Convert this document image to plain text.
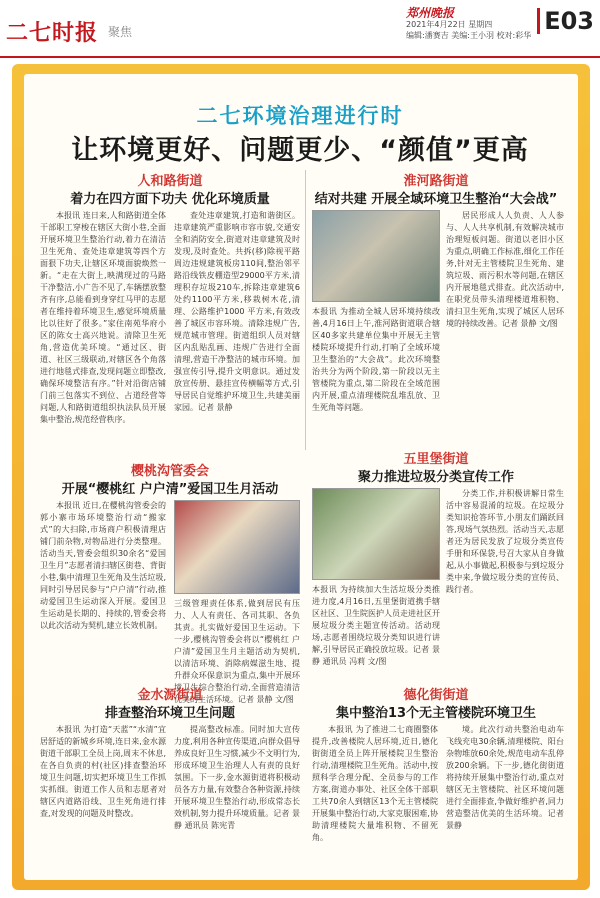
二七时报 聚焦
郑州晚报
2021年4月22日 星期四
编辑:潘赛吉 美编:王小羽 校对:彩华
E03
二七环境治理进行时
让环境更好、问题更少、“颜值”更高
人和路街道
着力在四方面下功夫 优化环境质量

本报讯 连日来,人和路街道全体干部职工穿梭在辖区大街小巷,全面开展环境卫生整治行动,着力在清洁卫生死角、查处违章建筑等四个方面狠下功夫,让辖区环境面貌焕然一新。“走在大街上,映满现过的马路干净整洁,小广告不见了,车辆摆放整齐有序,总能看到身穿红马甲的志愿者在维持着环境卫生,感觉环境质量比以往好了很多。”家住南苑华府小区的陈女士高兴地说。清除卫生死角,营造优美环境。“通过区、街道、社区三级联动,对辖区各个角落进行地毯式排查,发现问题立即整改,确保环境整洁有序。”针对沿街店铺门前三包落实不到位、占道经营等问题,人和路街道组织执法队员开展集中整治,规范经营秩序。

查处违章建筑,打造和谐街区。违章建筑严重影响市容市貌,交通安全和消防安全,街道对违章建筑及时发现,及时查处。共拆(移)除视平路周边违规建筑板房110间,整治邻平路沿线铁皮棚造型29000平方米,清理积存垃圾210车,拆除违章建筑6处约1100平方米,移栽树木花,清理、公路维护1000 平方米,有效改善了城区市容环境。清除违规广告,规范城市管理。街道组织人员对辖区内乱贴乱画、违规广告进行全面清理,营造干净整洁的城市环境。加强宣传引导,提升文明意识。通过发放宣传册、悬挂宣传横幅等方式,引导居民自觉维护环境卫生,共建美丽家园。记者 景静

淮河路街道
结对共建 开展全域环境卫生整治“大会战”
本报讯 为推动全城人居环境持续改善,4月16日上午,淮河路街道联合辖区40多家共建单位集中开展无主管楼院环境提升行动,打响了全域环境卫生整治的“大会战”。此次环境整治共分为两个阶段,第一阶段以无主管楼院为重点,第二阶段在全域范围内开展,重点清理楼院乱堆乱放、卫生死角等问题。

居民形成人人负责、人人参与、人人共享机制,有效解决城市治理短板问题。街道以老旧小区为重点,明确工作标准,细化工作任务,针对无主管楼院卫生死角、建筑垃圾、雨污积水等问题,在辖区内开展地毯式排查。此次活动中,在职党员带头清理楼道堆积物、清扫卫生死角,实现了城区人居环境的持续改善。记者 景静 文/图

樱桃沟管委会
开展“樱桃红 户户清”爱国卫生月活动

本报讯 近日,在樱桃沟管委会的郭小寨市场环境整治行动“搬家式”的大扫除,市场商户积极清理店铺门前杂物,对物品进行分类整理。活动当天,管委会组织30余名“爱国卫生月”志愿者清扫辖区街巷、背街小巷,集中清理卫生死角及生活垃圾,同时引导居民参与“户户清”行动,推动爱国卫生运动深入开展。爱国卫生运动是长期的、持续的,管委会将以此次活动为契机,建立长效机制。

三级管理责任体系,做到居民有压力、人人有责任、各司其职、各负其责。扎实做好爱国卫生运动。下一步,樱桃沟管委会将以“樱桃红 户户清”爱国卫生月主题活动为契机,以清洁环境、消除病媒滋生地、提升群众环保意识为重点,集中开展环境卫生综合整治行动,全面营造清洁优美的生活环境。记者 景静 文/图
五里堡街道
聚力推进垃圾分类宣传工作
本报讯 为持续加大生活垃圾分类推进力度,4月16日,五里堡街道携手辖区社区、卫生院医护人员走进社区开展垃圾分类主题宣传活动。活动现场,志愿者围绕垃圾分类知识进行讲解,引导居民正确投放垃圾。记者 景静 通讯员 冯莉 文/图

分类工作,并积极讲解日常生活中容易混淆的垃圾。在垃圾分类知识抢答环节,小朋友们踊跃回答,现场气氛热烈。活动当天,志愿者还为居民发放了垃圾分类宣传手册和环保袋,号召大家从自身做起,从小事做起,积极参与到垃圾分类中来,争做垃圾分类的宣传员、践行者。

金水源街道
排查整治环境卫生问题

本报讯 为打造“天蓝”“水清”宜居舒适的新城乡环境,连日来,金水源街道干部职工全员上岗,周末不休息,在各自负责的村(社区)排查整治环境卫生问题,切实把环境卫生工作抓实抓细。街道工作人员和志愿者对辖区内道路沿线、卫生死角进行排查,对发现的问题及时整改。

提高整改标准。同时加大宣传力度,利用各种宣传渠道,向群众倡导养成良好卫生习惯,减少不文明行为,形成环境卫生治理人人有责的良好氛围。下一步,金水源街道将积极动员各方力量,有效整合各种资源,持续开展环境卫生整治行动,形成常态长效机制,努力提升环境质量。记者 景静 通讯员 陈宪青

德化街街道
集中整治13个无主管楼院环境卫生

本报讯 为了推进二七商圈整体提升,改善楼院人居环境,近日,德化街街道全员上阵开展楼院卫生整治行动,清理楼院卫生死角。活动中,按照科学合理分配、全员参与的工作方案,街道办事处、社区全体干部职工共70余人到辖区13个无主管楼院开展集中整治行动,大家克服困难,协助清理楼院大量堆积物、不留死角。

境。此次行动共整治电动车飞线充电30余辆,清理楼院、阳台杂物堆放60余处,规范电动车乱停放200余辆。下一步,德化街街道将持续开展集中整治行动,重点对辖区无主管楼院、社区环境问题进行全面排查,争做好维护者,同力营造整洁优美的生活环境。记者 景静
